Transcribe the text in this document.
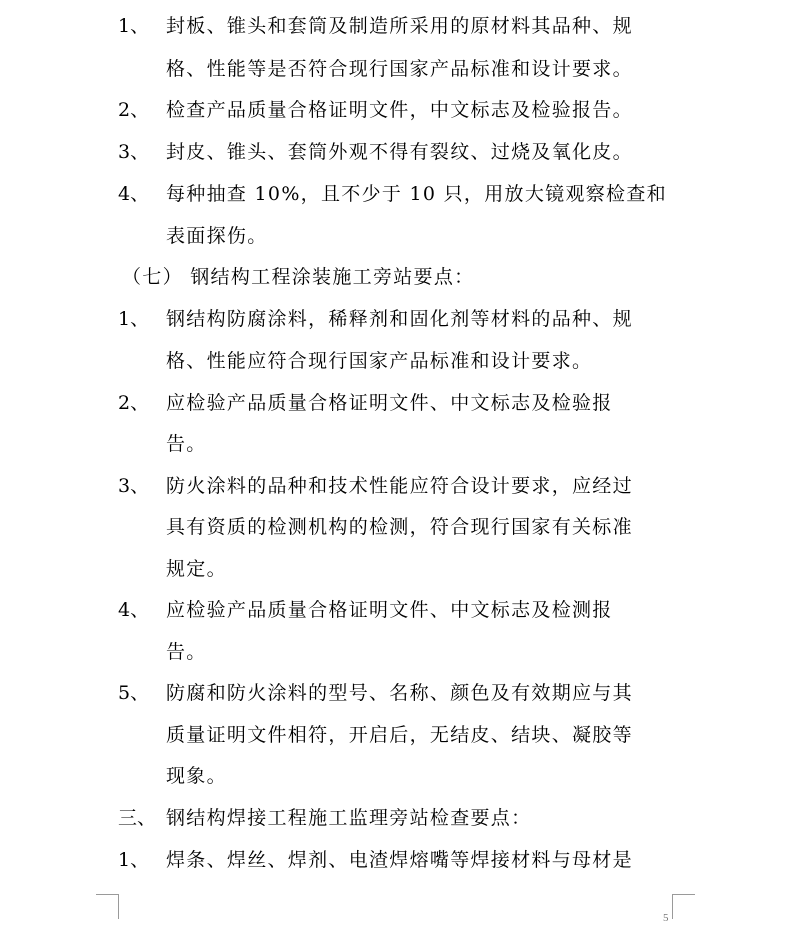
1、 封板、锥头和套筒及制造所采用的原材料其品种、规
格、性能等是否符合现行国家产品标准和设计要求。
2、 检查产品质量合格证明文件，中文标志及检验报告。
3、 封皮、锥头、套筒外观不得有裂纹、过烧及氧化皮。
4、 每种抽查 10%，且不少于 10 只，用放大镜观察检查和
表面探伤。
（七） 钢结构工程涂装施工旁站要点：
1、 钢结构防腐涂料，稀释剂和固化剂等材料的品种、规
格、性能应符合现行国家产品标准和设计要求。
2、 应检验产品质量合格证明文件、中文标志及检验报
告。
3、 防火涂料的品种和技术性能应符合设计要求，应经过
具有资质的检测机构的检测，符合现行国家有关标准
规定。
4、 应检验产品质量合格证明文件、中文标志及检测报
告。
5、 防腐和防火涂料的型号、名称、颜色及有效期应与其
质量证明文件相符，开启后，无结皮、结块、凝胶等
现象。
三、 钢结构焊接工程施工监理旁站检查要点：
1、 焊条、焊丝、焊剂、电渣焊熔嘴等焊接材料与母材是
5
